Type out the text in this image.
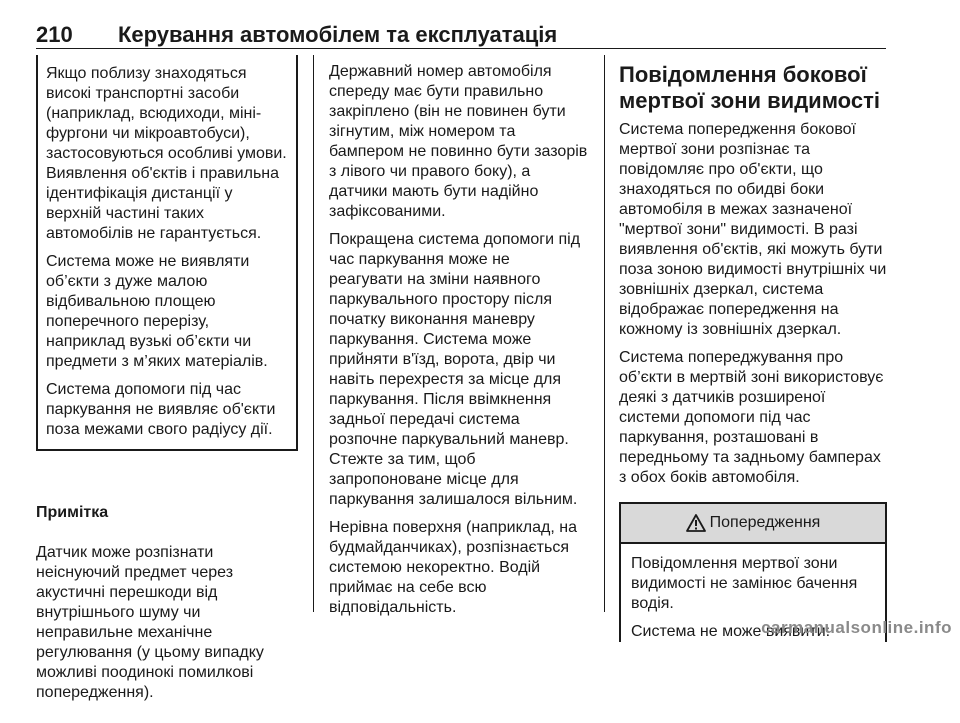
210 Керування автомобілем та експлуатація

Якщо поблизу знаходяться
високі транспортні засоби
(наприклад, всюдиходи, міні-
фургони чи мікроавтобуси),
застосовуються особливі умови.
Виявлення об'єктів і правильна
ідентифікація дистанції у
верхній частині таких
автомобілів не гарантується.

Система може не виявляти
об’єкти з дуже малою
відбивальною площею
поперечного перерізу,
наприклад вузькі об’єкти чи
предмети з м’яких матеріалів.

Система допомоги під час
паркування не виявляє об'єкти
поза межами свого радіусу дії.

Примітка

Датчик може розпізнати
неіснуючий предмет через
акустичні перешкоди від
внутрішнього шуму чи
неправильне механічне
регулювання (у цьому випадку
можливі поодинокі помилкові
попередження).

Державний номер автомобіля
спереду має бути правильно
закріплено (він не повинен бути
зігнутим, між номером та
бампером не повинно бути зазорів
з лівого чи правого боку), а
датчики мають бути надійно
зафіксованими.

Покращена система допомоги під
час паркування може не
реагувати на зміни наявного
паркувального простору після
початку виконання маневру
паркування. Система може
прийняти в'їзд, ворота, двір чи
навіть перехрестя за місце для
паркування. Після ввімкнення
задньої передачі система
розпочне паркувальний маневр.
Стежте за тим, щоб
запропоноване місце для
паркування залишалося вільним.

Нерівна поверхня (наприклад, на
будмайданчиках), розпізнається
системою некоректно. Водій
приймає на себе всю
відповідальність.

Повідомлення бокової
мертвої зони видимості

Система попередження бокової
мертвої зони розпізнає та
повідомляє про об'єкти, що
знаходяться по обидві боки
автомобіля в межах зазначеної
"мертвої зони" видимості. В разі
виявлення об'єктів, які можуть бути
поза зоною видимості внутрішніх чи
зовнішніх дзеркал, система
відображає попередження на
кожному із зовнішніх дзеркал.

Система попереджування про
об’єкти в мертвій зоні використовує
деякі з датчиків розширеної
системи допомоги під час
паркування, розташовані в
передньому та задньому бамперах
з обох боків автомобіля.

Попередження

Повідомлення мертвої зони
видимості не замінює бачення
водія.

Система не може виявити:

carmanualsonline.info
